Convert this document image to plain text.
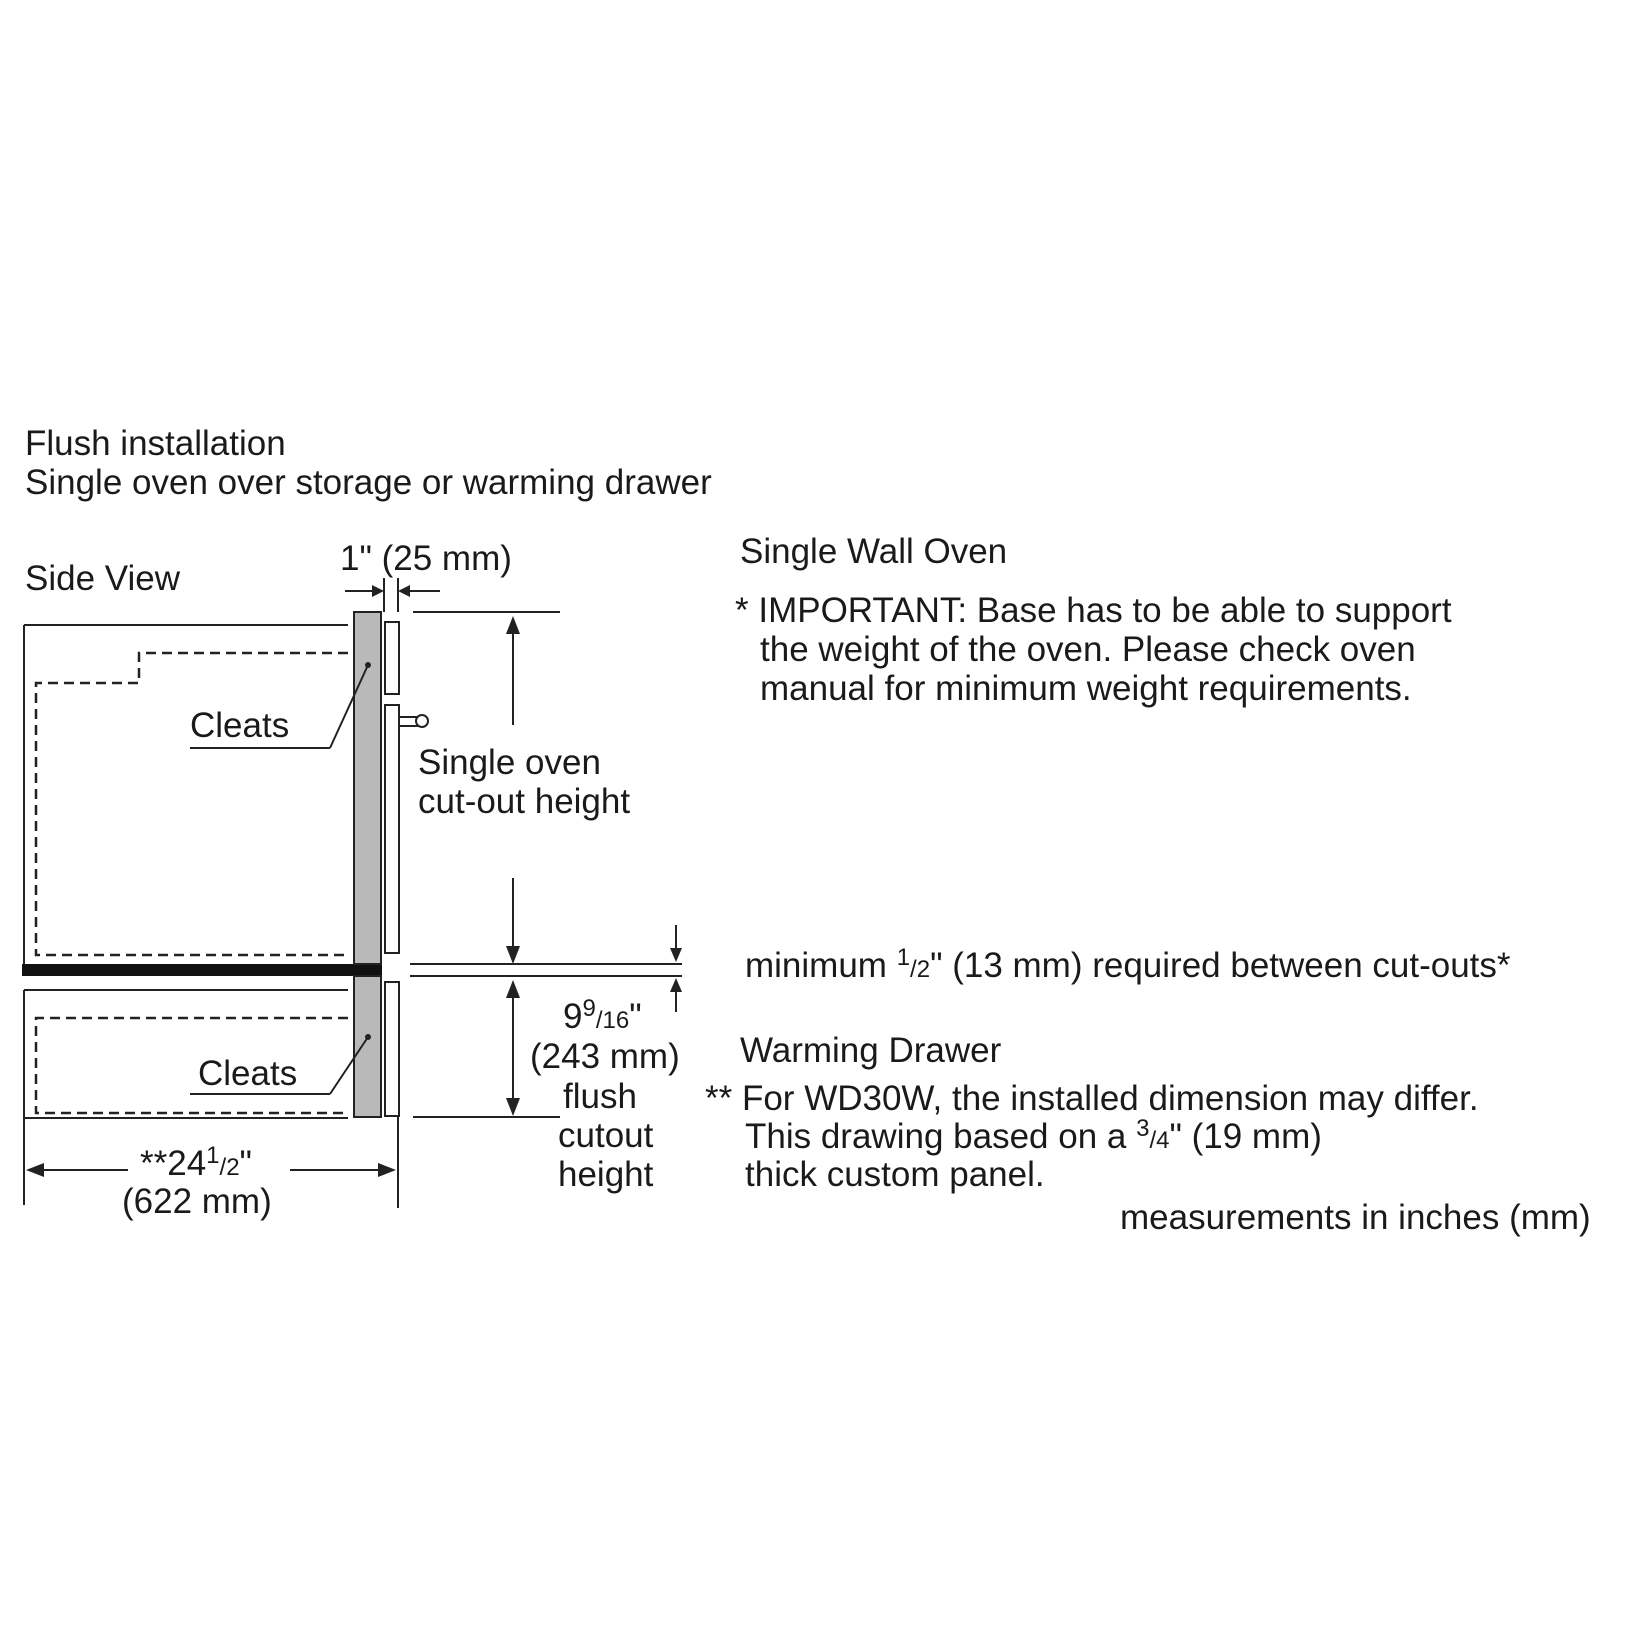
Flush installation
Single oven over storage or warming drawer
Side View
Cleats
Cleats
1" (25 mm)
Single oven
cut-out height
$9^9_{/16}$"
(243 mm)
flush
cutout
height
$**24^1_{/2}$"
(622 mm)
Single Wall Oven
* IMPORTANT: Base has to be able to support
the weight of the oven. Please check oven
manual for minimum weight requirements.
minimum $^1_{/2}$" (13 mm) required between cut-outs*
Warming Drawer
** For WD30W, the installed dimension may differ.
This drawing based on a $^3_{/4}$" (19 mm)
thick custom panel.
measurements in inches (mm)
